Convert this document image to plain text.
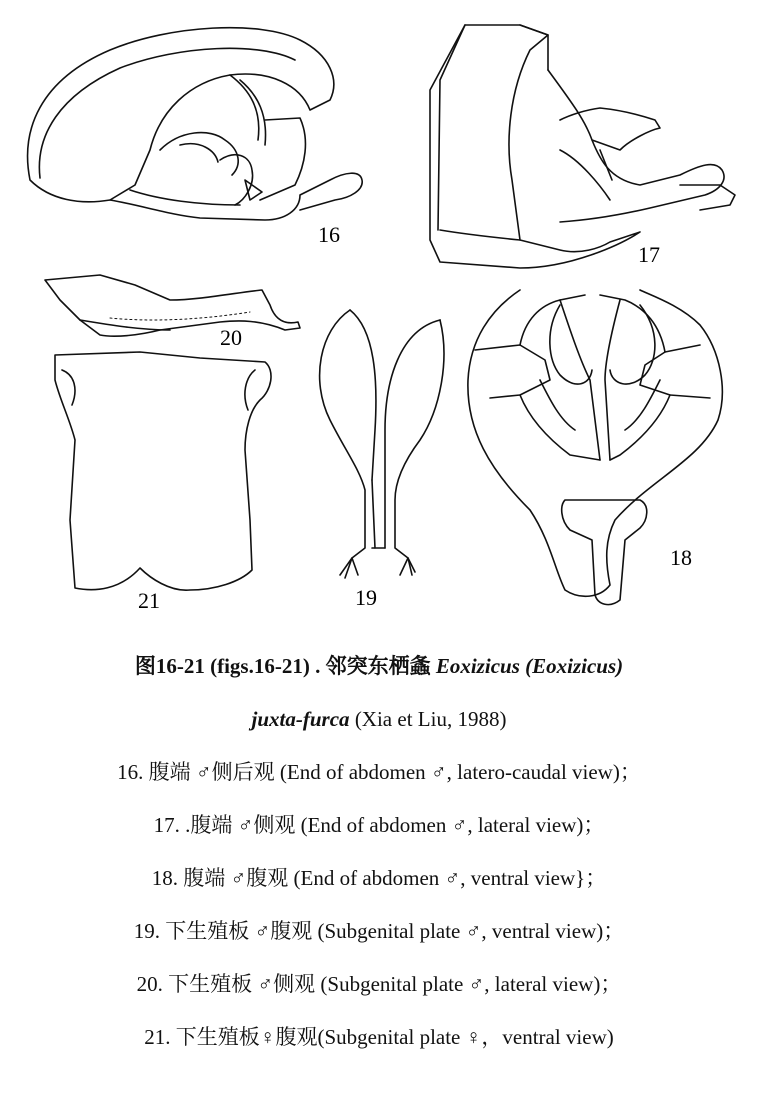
16
17
20
21	19
18
图16-21 (figs.16-21) . 邻突东栖螽 Eoxizicus (Eoxizicus)
juxta-furca (Xia et Liu, 1988)
16. 腹端 ♂侧后观 (End of abdomen ♂, latero-caudal view)；
17. .腹端 ♂侧观 (End of abdomen ♂, lateral view)；
18. 腹端 ♂腹观 (End of abdomen ♂, ventral view}；
19. 下生殖板 ♂腹观 (Subgenital plate ♂, ventral view)；
20. 下生殖板 ♂侧观 (Subgenital plate ♂, lateral view)；
21. 下生殖板♀腹观(Subgenital plate ♀，ventral view)
